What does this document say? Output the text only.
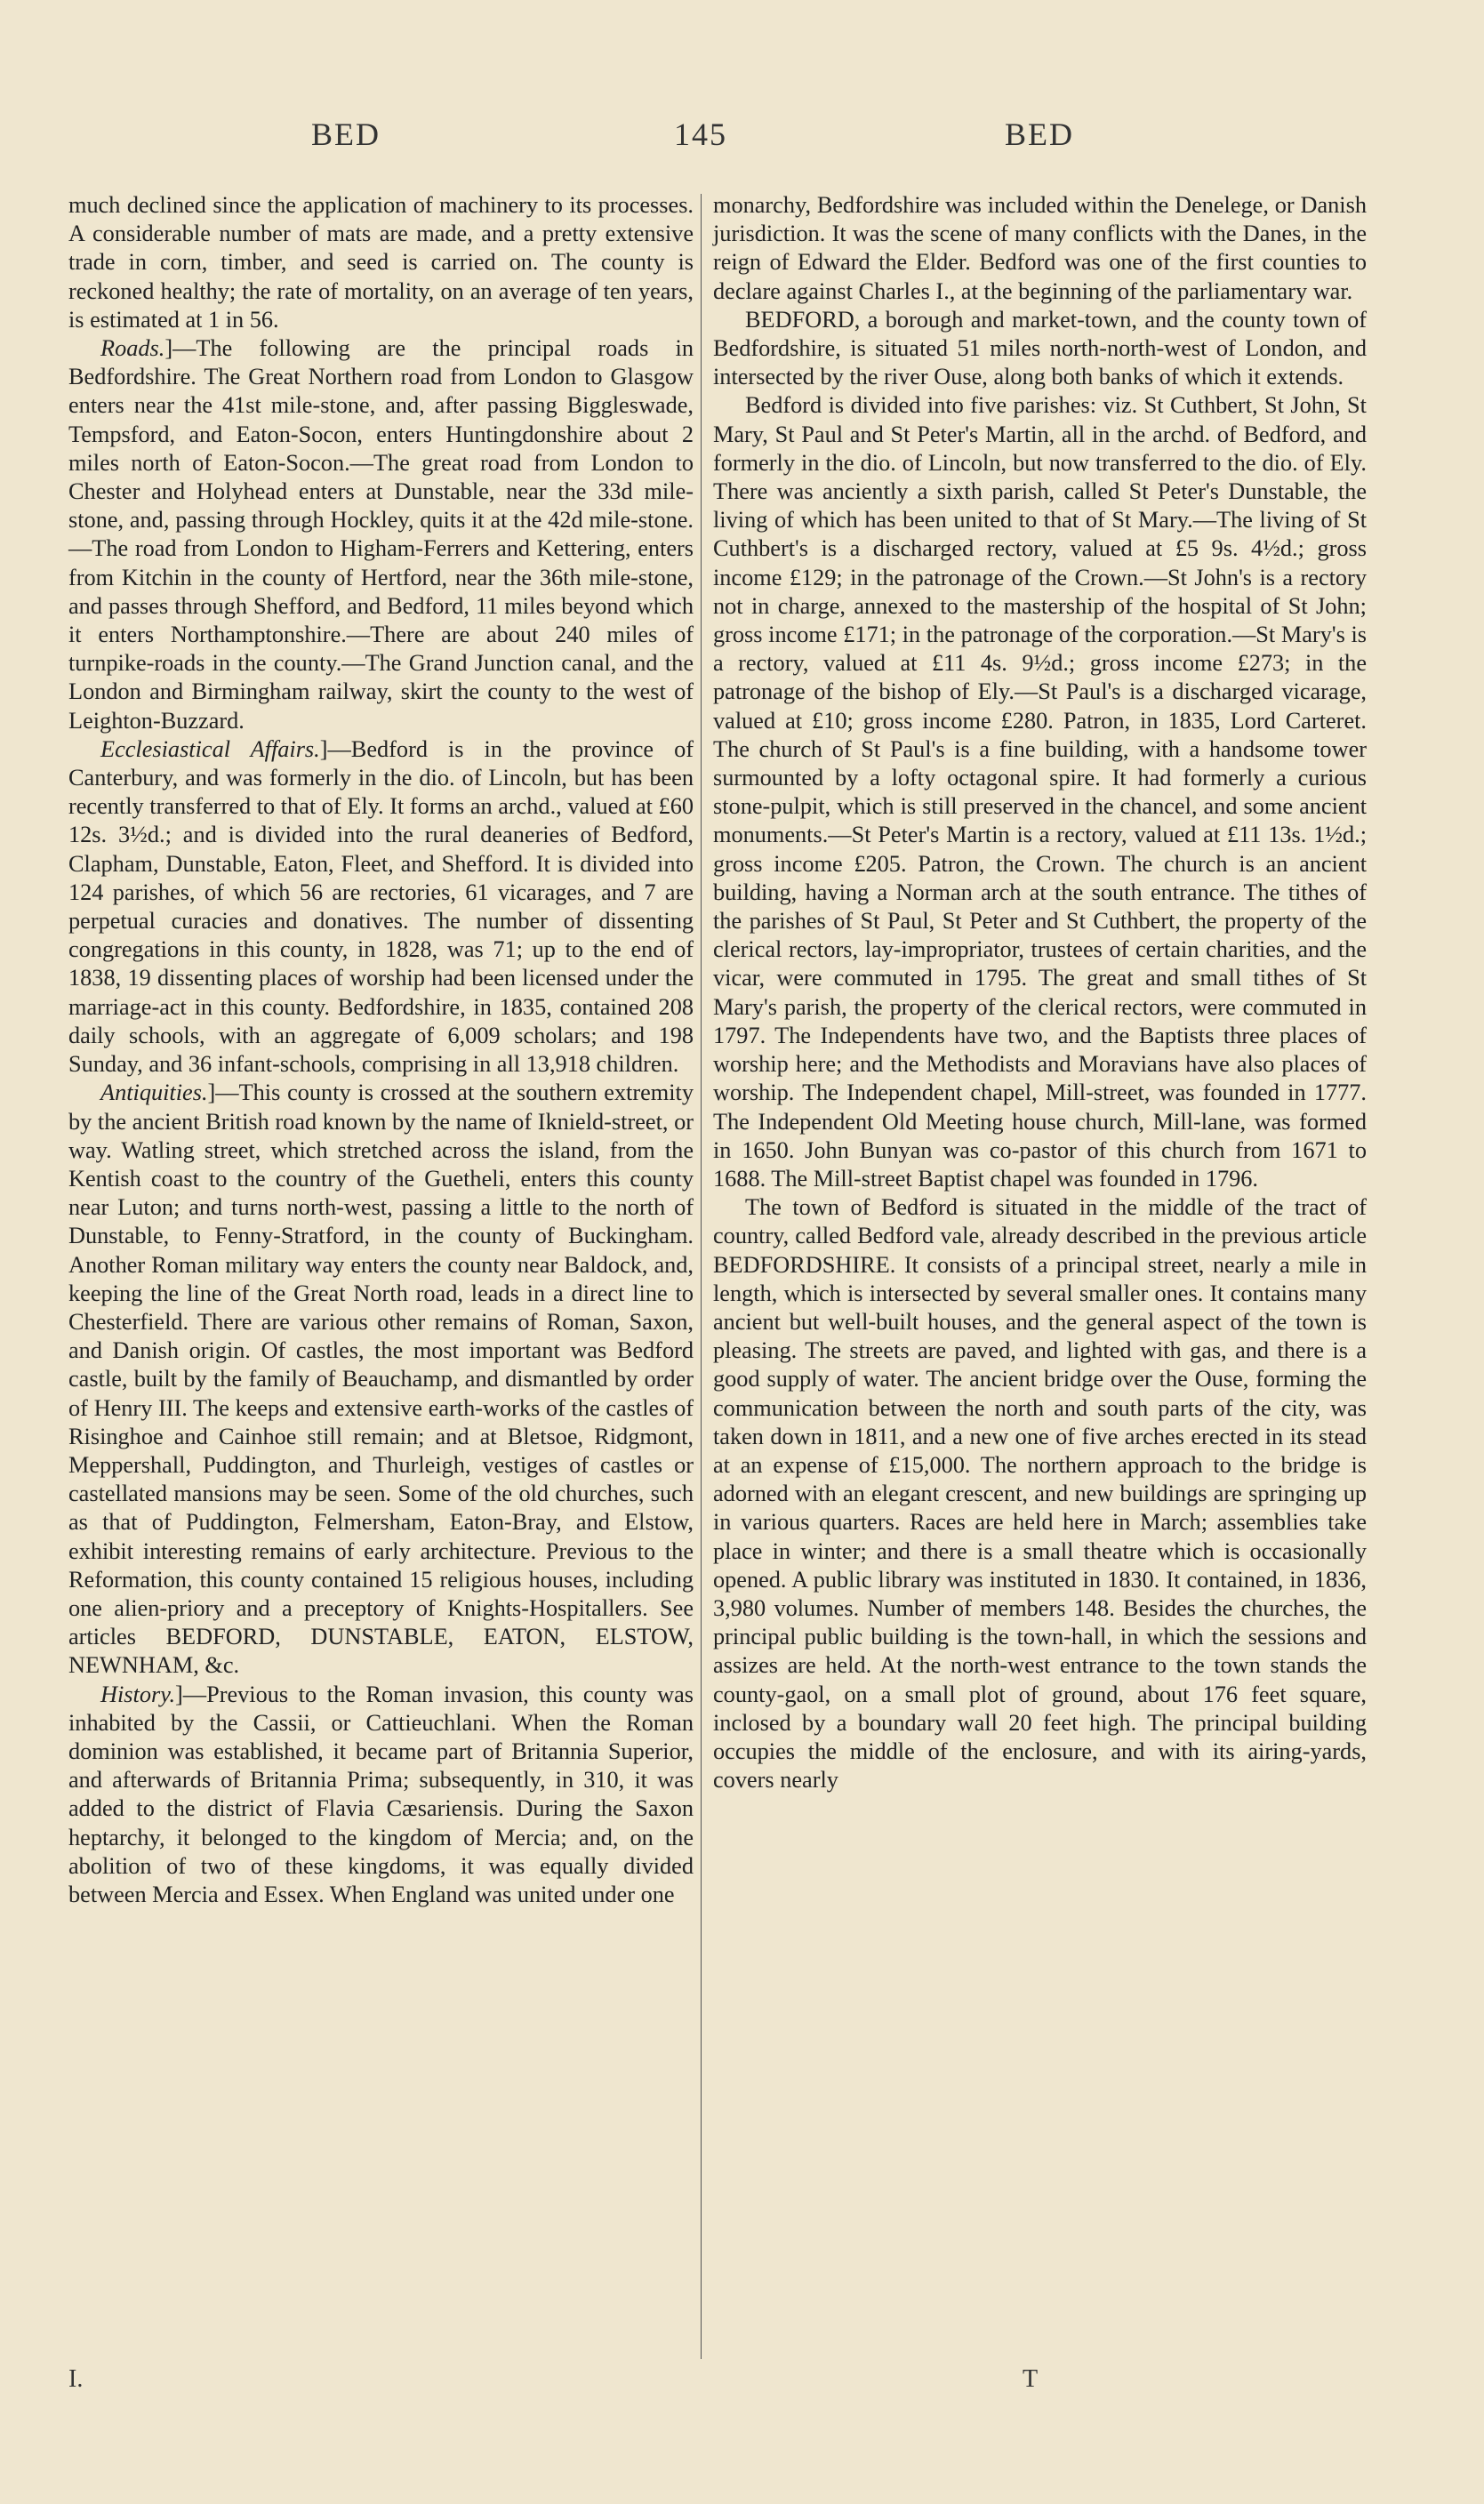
BED	145	BED

much declined since the application of machinery to its processes. A considerable number of mats are made, and a pretty extensive trade in corn, timber, and seed is carried on. The county is reckoned healthy; the rate of mortality, on an average of ten years, is estimated at 1 in 56.

Roads.]—The following are the principal roads in Bedfordshire. The Great Northern road from London to Glasgow enters near the 41st mile-stone, and, after passing Biggleswade, Tempsford, and Eaton-Socon, enters Huntingdonshire about 2 miles north of Eaton-Socon.—The great road from London to Chester and Holyhead enters at Dunstable, near the 33d mile-stone, and, passing through Hockley, quits it at the 42d mile-stone.—The road from London to Higham-Ferrers and Kettering, enters from Kitchin in the county of Hertford, near the 36th mile-stone, and passes through Shefford, and Bedford, 11 miles beyond which it enters Northamptonshire.—There are about 240 miles of turnpike-roads in the county.—The Grand Junction canal, and the London and Birmingham railway, skirt the county to the west of Leighton-Buzzard.

Ecclesiastical Affairs.]—Bedford is in the province of Canterbury, and was formerly in the dio. of Lincoln, but has been recently transferred to that of Ely. It forms an archd., valued at £60 12s. 3½d.; and is divided into the rural deaneries of Bedford, Clapham, Dunstable, Eaton, Fleet, and Shefford. It is divided into 124 parishes, of which 56 are rectories, 61 vicarages, and 7 are perpetual curacies and donatives. The number of dissenting congregations in this county, in 1828, was 71; up to the end of 1838, 19 dissenting places of worship had been licensed under the marriage-act in this county. Bedfordshire, in 1835, contained 208 daily schools, with an aggregate of 6,009 scholars; and 198 Sunday, and 36 infant-schools, comprising in all 13,918 children.

Antiquities.]—This county is crossed at the southern extremity by the ancient British road known by the name of Iknield-street, or way. Watling street, which stretched across the island, from the Kentish coast to the country of the Guetheli, enters this county near Luton; and turns north-west, passing a little to the north of Dunstable, to Fenny-Stratford, in the county of Buckingham. Another Roman military way enters the county near Baldock, and, keeping the line of the Great North road, leads in a direct line to Chesterfield. There are various other remains of Roman, Saxon, and Danish origin. Of castles, the most important was Bedford castle, built by the family of Beauchamp, and dismantled by order of Henry III. The keeps and extensive earth-works of the castles of Risinghoe and Cainhoe still remain; and at Bletsoe, Ridgmont, Meppershall, Puddington, and Thurleigh, vestiges of castles or castellated mansions may be seen. Some of the old churches, such as that of Puddington, Felmersham, Eaton-Bray, and Elstow, exhibit interesting remains of early architecture. Previous to the Reformation, this county contained 15 religious houses, including one alien-priory and a preceptory of Knights-Hospitallers. See articles BEDFORD, DUNSTABLE, EATON, ELSTOW, NEWNHAM, &c.

History.]—Previous to the Roman invasion, this county was inhabited by the Cassii, or Cattieuchlani. When the Roman dominion was established, it became part of Britannia Superior, and afterwards of Britannia Prima; subsequently, in 310, it was added to the district of Flavia Cæsariensis. During the Saxon heptarchy, it belonged to the kingdom of Mercia; and, on the abolition of two of these kingdoms, it was equally divided between Mercia and Essex. When England was united under one

monarchy, Bedfordshire was included within the Denelege, or Danish jurisdiction. It was the scene of many conflicts with the Danes, in the reign of Edward the Elder. Bedford was one of the first counties to declare against Charles I., at the beginning of the parliamentary war.

BEDFORD, a borough and market-town, and the county town of Bedfordshire, is situated 51 miles north-north-west of London, and intersected by the river Ouse, along both banks of which it extends.

Bedford is divided into five parishes: viz. St Cuthbert, St John, St Mary, St Paul and St Peter's Martin, all in the archd. of Bedford, and formerly in the dio. of Lincoln, but now transferred to the dio. of Ely. There was anciently a sixth parish, called St Peter's Dunstable, the living of which has been united to that of St Mary.—The living of St Cuthbert's is a discharged rectory, valued at £5 9s. 4½d.; gross income £129; in the patronage of the Crown.—St John's is a rectory not in charge, annexed to the mastership of the hospital of St John; gross income £171; in the patronage of the corporation.—St Mary's is a rectory, valued at £11 4s. 9½d.; gross income £273; in the patronage of the bishop of Ely.—St Paul's is a discharged vicarage, valued at £10; gross income £280. Patron, in 1835, Lord Carteret. The church of St Paul's is a fine building, with a handsome tower surmounted by a lofty octagonal spire. It had formerly a curious stone-pulpit, which is still preserved in the chancel, and some ancient monuments.—St Peter's Martin is a rectory, valued at £11 13s. 1½d.; gross income £205. Patron, the Crown. The church is an ancient building, having a Norman arch at the south entrance. The tithes of the parishes of St Paul, St Peter and St Cuthbert, the property of the clerical rectors, lay-impropriator, trustees of certain charities, and the vicar, were commuted in 1795. The great and small tithes of St Mary's parish, the property of the clerical rectors, were commuted in 1797. The Independents have two, and the Baptists three places of worship here; and the Methodists and Moravians have also places of worship. The Independent chapel, Mill-street, was founded in 1777. The Independent Old Meeting house church, Mill-lane, was formed in 1650. John Bunyan was co-pastor of this church from 1671 to 1688. The Mill-street Baptist chapel was founded in 1796.

The town of Bedford is situated in the middle of the tract of country, called Bedford vale, already described in the previous article BEDFORDSHIRE. It consists of a principal street, nearly a mile in length, which is intersected by several smaller ones. It contains many ancient but well-built houses, and the general aspect of the town is pleasing. The streets are paved, and lighted with gas, and there is a good supply of water. The ancient bridge over the Ouse, forming the communication between the north and south parts of the city, was taken down in 1811, and a new one of five arches erected in its stead at an expense of £15,000. The northern approach to the bridge is adorned with an elegant crescent, and new buildings are springing up in various quarters. Races are held here in March; assemblies take place in winter; and there is a small theatre which is occasionally opened. A public library was instituted in 1830. It contained, in 1836, 3,980 volumes. Number of members 148. Besides the churches, the principal public building is the town-hall, in which the sessions and assizes are held. At the north-west entrance to the town stands the county-gaol, on a small plot of ground, about 176 feet square, inclosed by a boundary wall 20 feet high. The principal building occupies the middle of the enclosure, and with its airing-yards, covers nearly

I.	T
